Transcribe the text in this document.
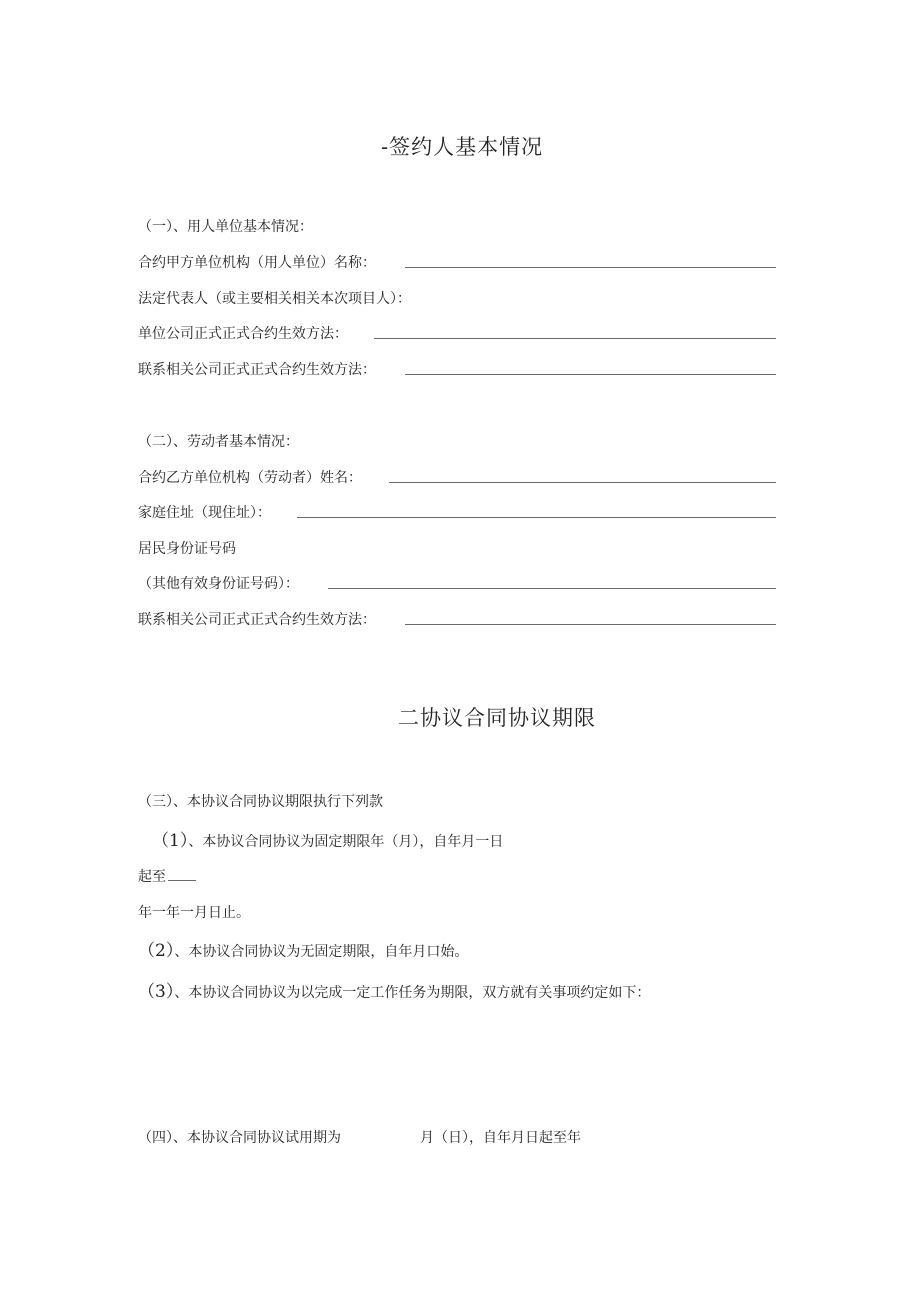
-签约人基本情况
（一）、用人单位基本情况：
合约甲方单位机构（用人单位）名称：
法定代表人（或主要相关相关本次项目人）：
单位公司正式正式合约生效方法：
联系相关公司正式正式合约生效方法：
（二）、劳动者基本情况：
合约乙方单位机构（劳动者）姓名：
家庭住址（现住址）：
居民身份证号码
（其他有效身份证号码）：
联系相关公司正式正式合约生效方法：
二协议合同协议期限
（三）、本协议合同协议期限执行下列款
（1）、本协议合同协议为固定期限年（月），自年月一日
起至
年一年一月日止。
（2）、本协议合同协议为无固定期限，自年月口始。
（3）、本协议合同协议为以完成一定工作任务为期限，双方就有关事项约定如下：
（四）、本协议合同协议试用期为	月（日），自年月日起至年
